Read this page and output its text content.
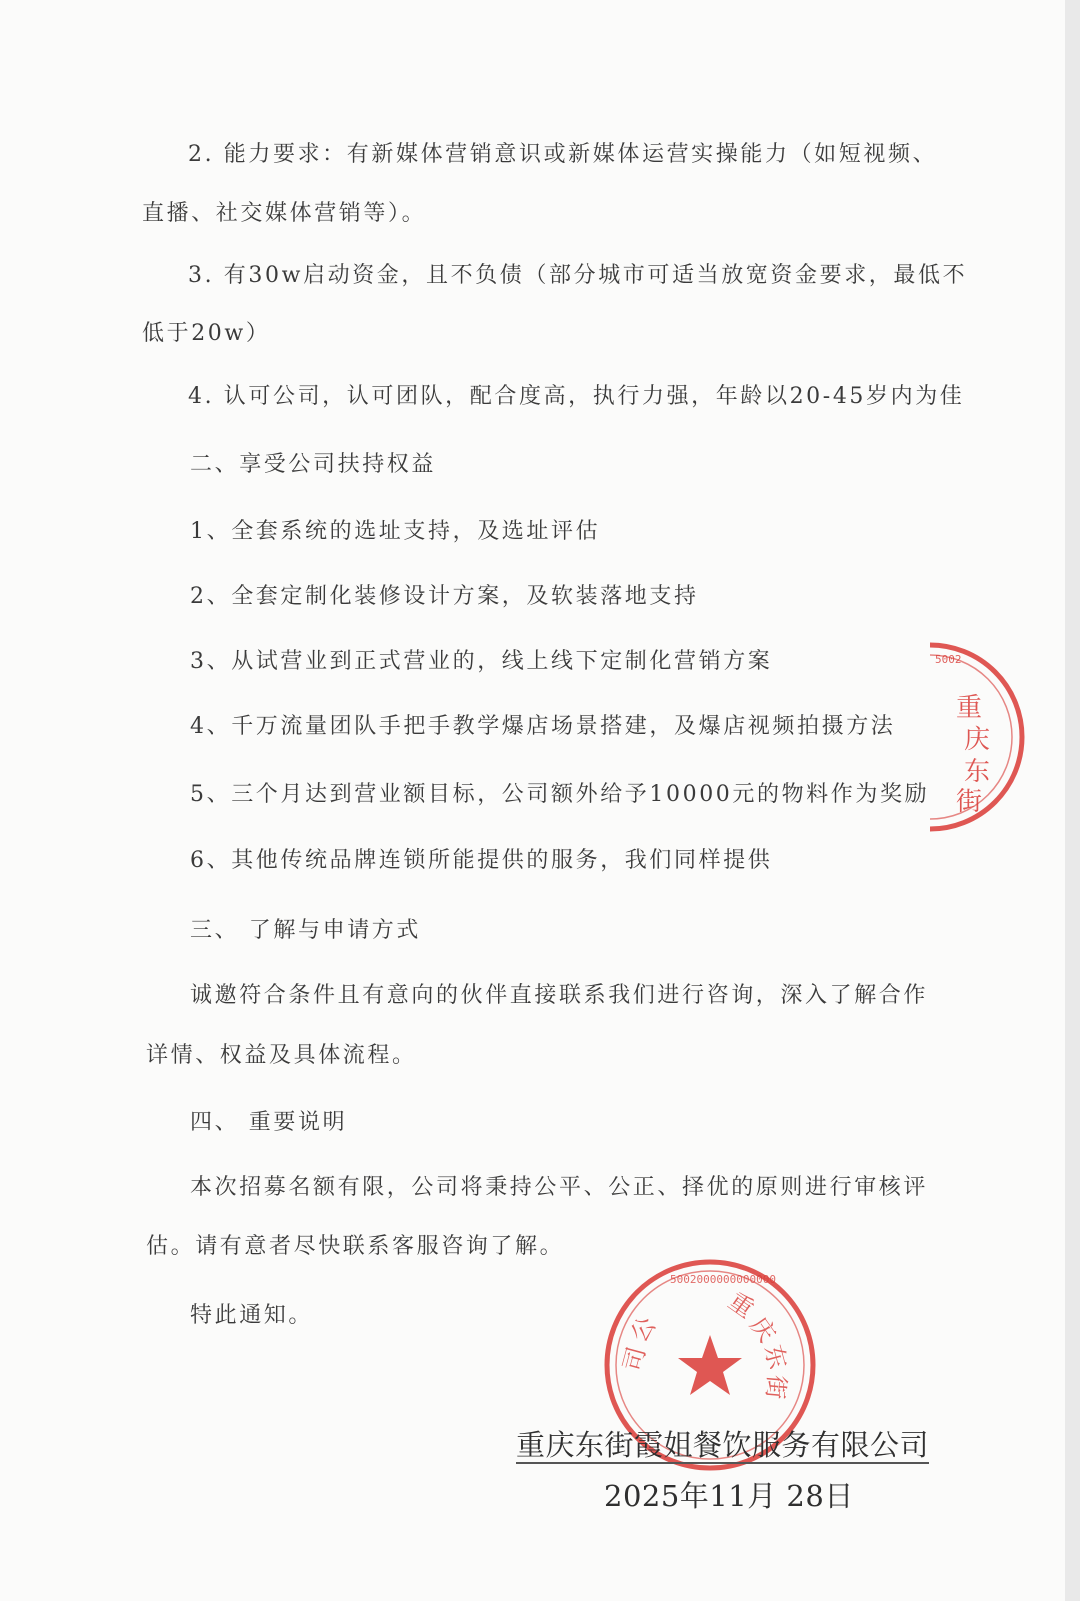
重
庆
东
街
5002
重
庆
东
街
公
司
5002000000000000

2. 能力要求：有新媒体营销意识或新媒体运营实操能力（如短视频、

直播、社交媒体营销等）。

3. 有30w启动资金，且不负债（部分城市可适当放宽资金要求，最低不

低于20w）

4. 认可公司，认可团队，配合度高，执行力强，年龄以20-45岁内为佳

二、享受公司扶持权益

1、全套系统的选址支持，及选址评估

2、全套定制化装修设计方案，及软装落地支持

3、从试营业到正式营业的，线上线下定制化营销方案

4、千万流量团队手把手教学爆店场景搭建，及爆店视频拍摄方法

5、三个月达到营业额目标，公司额外给予10000元的物料作为奖励

6、其他传统品牌连锁所能提供的服务，我们同样提供

三、 了解与申请方式

诚邀符合条件且有意向的伙伴直接联系我们进行咨询，深入了解合作

详情、权益及具体流程。

四、 重要说明

本次招募名额有限，公司将秉持公平、公正、择优的原则进行审核评

估。请有意者尽快联系客服咨询了解。

特此通知。

重庆东街霞姐餐饮服务有限公司

2025年11月 28日
